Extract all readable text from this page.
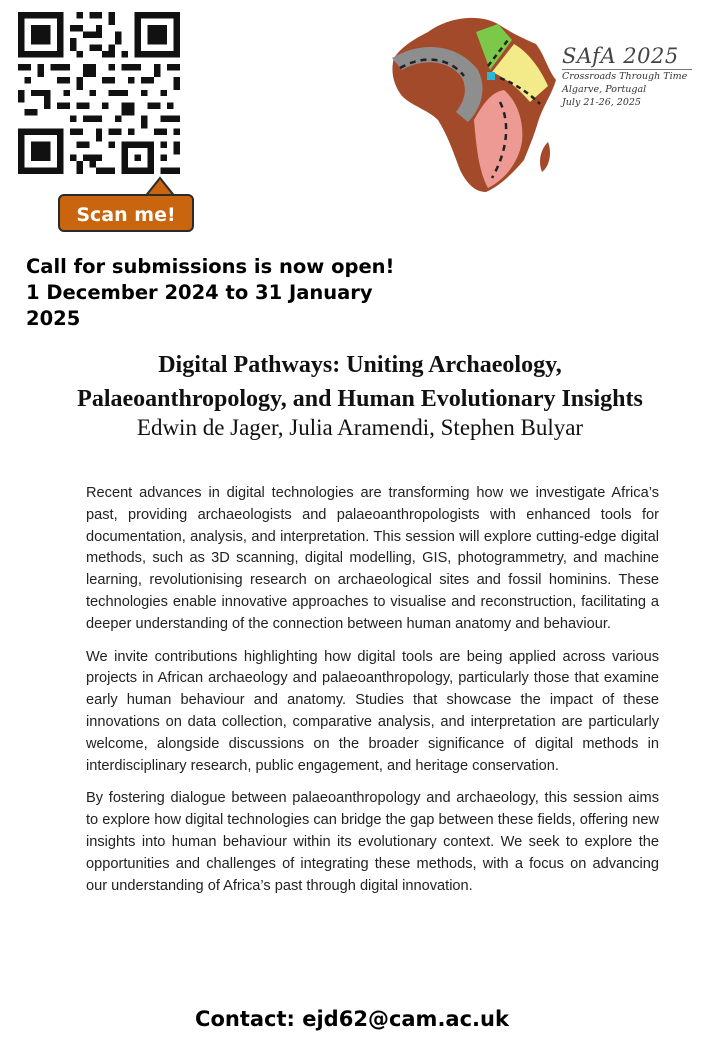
Scan me!
SAfA 2025
Crossroads Through Time
Algarve, Portugal
July 21-26, 2025
Call for submissions is now open!
1 December 2024 to 31 January
2025
Digital Pathways: Uniting Archaeology,
Palaeoanthropology, and Human Evolutionary Insights
Edwin de Jager, Julia Aramendi, Stephen Bulyar

Recent advances in digital technologies are transforming how we investigate Africa’s past, providing archaeologists and palaeoanthropologists with enhanced tools for documentation, analysis, and interpretation. This session will explore cutting-edge digital methods, such as 3D scanning, digital modelling, GIS, photogrammetry, and machine learning, revolutionising research on archaeological sites and fossil hominins. These technologies enable innovative approaches to visualise and reconstruction, facilitating a deeper understanding of the connection between human anatomy and behaviour.

We invite contributions highlighting how digital tools are being applied across various projects in African archaeology and palaeoanthropology, particularly those that examine early human behaviour and anatomy. Studies that showcase the impact of these innovations on data collection, comparative analysis, and interpretation are particularly welcome, alongside discussions on the broader significance of digital methods in interdisciplinary research, public engagement, and heritage conservation.

By fostering dialogue between palaeoanthropology and archaeology, this session aims to explore how digital technologies can bridge the gap between these fields, offering new insights into human behaviour within its evolutionary context. We seek to explore the opportunities and challenges of integrating these methods, with a focus on advancing our understanding of Africa’s past through digital innovation.

Contact: ejd62@cam.ac.uk
